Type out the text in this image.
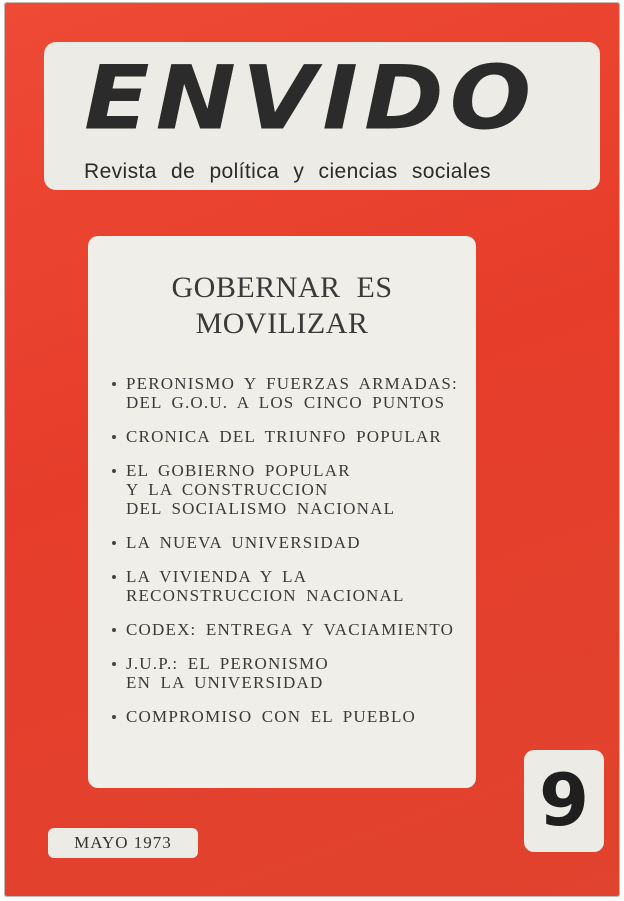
ENVIDO
Revista de política y ciencias sociales
GOBERNAR ES
MOVILIZAR
PERONISMO Y FUERZAS ARMADAS:
DEL G.O.U. A LOS CINCO PUNTOS
CRONICA DEL TRIUNFO POPULAR
EL GOBIERNO POPULAR
Y LA CONSTRUCCION
DEL SOCIALISMO NACIONAL
LA NUEVA UNIVERSIDAD
LA VIVIENDA Y LA
RECONSTRUCCION NACIONAL
CODEX: ENTREGA Y VACIAMIENTO
J.U.P.: EL PERONISMO
EN LA UNIVERSIDAD
COMPROMISO CON EL PUEBLO
MAYO 1973
9
